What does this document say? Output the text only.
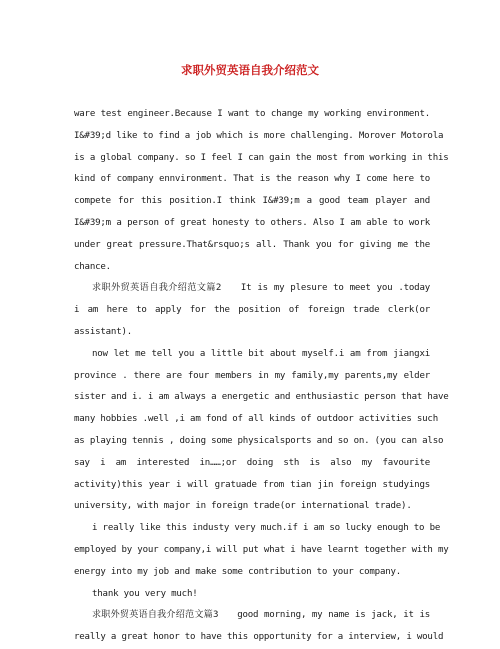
求职外贸英语自我介绍范文
ware test engineer.Because I want to change my working environment.
I&#39;d like to find a job which is more challenging. Morover Motorola
is a global company. so I feel I can gain the most from working in this
kind of company ennvironment. That is the reason why I come here to
compete for this position.I think I&#39;m a good team player and
I&#39;m a person of great honesty to others. Also I am able to work
under great pressure.That&rsquo;s all. Thank you for giving me the
chance.
求职外贸英语自我介绍范文篇2　　It is my plesure to meet you .today
i am here to apply for the position of foreign trade clerk(or
assistant).
now let me tell you a little bit about myself.i am from jiangxi
province . there are four members in my family,my parents,my elder
sister and i. i am always a energetic and enthusiastic person that have
many hobbies .well ,i am fond of all kinds of outdoor activities such
as playing tennis , doing some physicalsports and so on. (you can also
say i am interested in……;or doing sth is also my favourite
activity)this year i will gratuade from tian jin foreign studyings
university, with major in foreign trade(or international trade).
i really like this industy very much.if i am so lucky enough to be
employed by your company,i will put what i have learnt together with my
energy into my job and make some contribution to your company.
thank you very much!
求职外贸英语自我介绍范文篇3　　good morning, my name is jack, it is
really a great honor to have this opportunity for a interview, i would
